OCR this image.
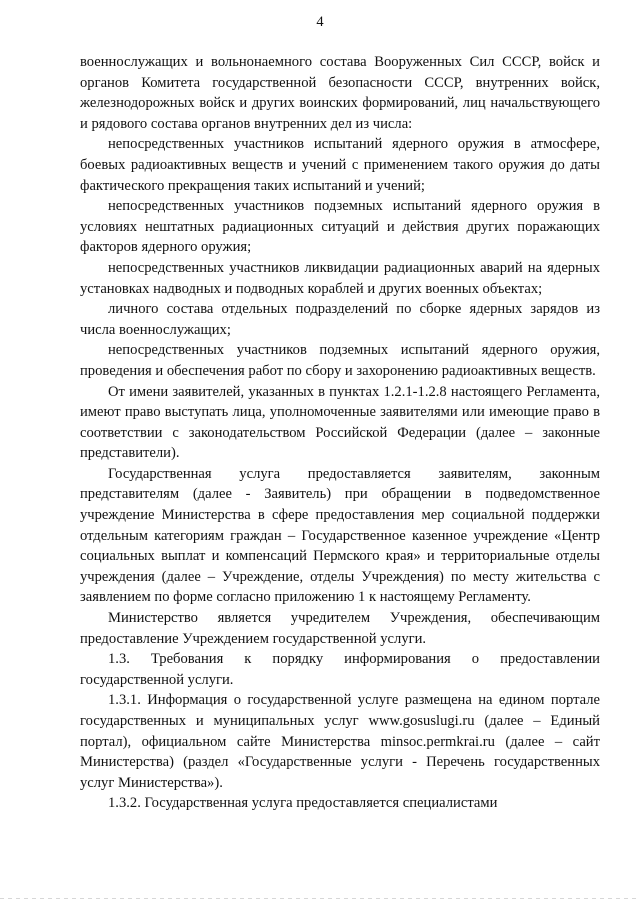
4

военнослужащих и вольнонаемного состава Вооруженных Сил СССР, войск и органов Комитета государственной безопасности СССР, внутренних войск, железнодорожных войск и других воинских формирований, лиц начальствующего и рядового состава органов внутренних дел из числа:

непосредственных участников испытаний ядерного оружия в атмосфере, боевых радиоактивных веществ и учений с применением такого оружия до даты фактического прекращения таких испытаний и учений;

непосредственных участников подземных испытаний ядерного оружия в условиях нештатных радиационных ситуаций и действия других поражающих факторов ядерного оружия;

непосредственных участников ликвидации радиационных аварий на ядерных установках надводных и подводных кораблей и других военных объектах;

личного состава отдельных подразделений по сборке ядерных зарядов из числа военнослужащих;

непосредственных участников подземных испытаний ядерного оружия, проведения и обеспечения работ по сбору и захоронению радиоактивных веществ.

От имени заявителей, указанных в пунктах 1.2.1-1.2.8 настоящего Регламента, имеют право выступать лица, уполномоченные заявителями или имеющие право в соответствии с законодательством Российской Федерации (далее – законные представители).

Государственная услуга предоставляется заявителям, законным представителям (далее - Заявитель) при обращении в подведомственное учреждение Министерства в сфере предоставления мер социальной поддержки отдельным категориям граждан – Государственное казенное учреждение «Центр социальных выплат и компенсаций Пермского края» и территориальные отделы учреждения (далее – Учреждение, отделы Учреждения) по месту жительства с заявлением по форме согласно приложению 1 к настоящему Регламенту.

Министерство является учредителем Учреждения, обеспечивающим предоставление Учреждением государственной услуги.

1.3. Требования к порядку информирования о предоставлении государственной услуги.

1.3.1. Информация о государственной услуге размещена на едином портале государственных и муниципальных услуг www.gosuslugi.ru (далее – Единый портал), официальном сайте Министерства minsoc.permkrai.ru (далее – сайт Министерства) (раздел «Государственные услуги - Перечень государственных услуг Министерства»).

1.3.2. Государственная услуга предоставляется специалистами
